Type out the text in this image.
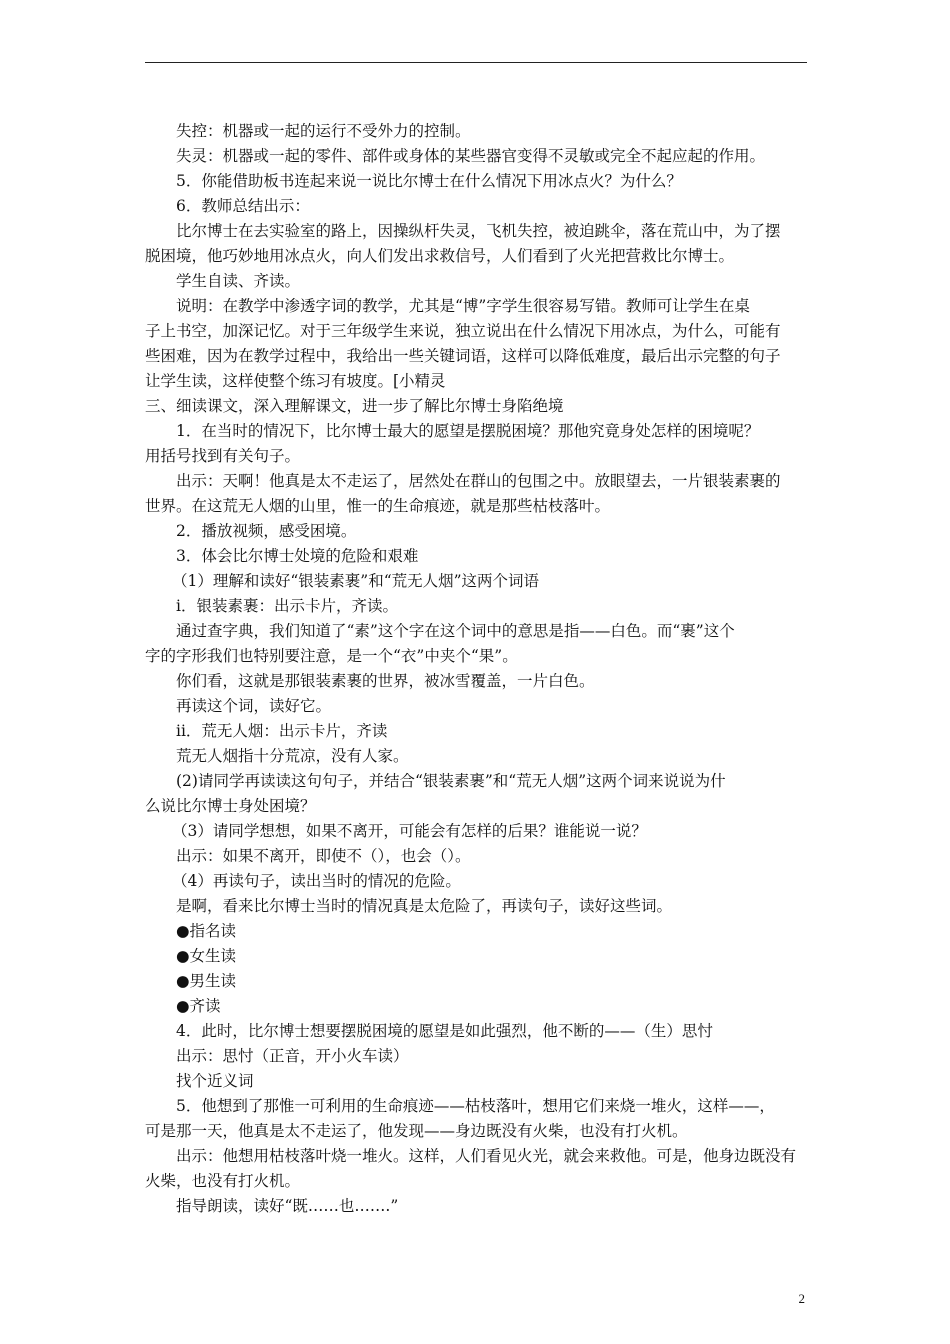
失控：机器或一起的运行不受外力的控制。
失灵：机器或一起的零件、部件或身体的某些器官变得不灵敏或完全不起应起的作用。
5．你能借助板书连起来说一说比尔博士在什么情况下用冰点火？为什么？
6．教师总结出示：
比尔博士在去实验室的路上，因操纵杆失灵，飞机失控，被迫跳伞，落在荒山中，为了摆
脱困境，他巧妙地用冰点火，向人们发出求救信号，人们看到了火光把营救比尔博士。
学生自读、齐读。
说明：在教学中渗透字词的教学，尤其是“博”字学生很容易写错。教师可让学生在桌
子上书空，加深记忆。对于三年级学生来说，独立说出在什么情况下用冰点，为什么，可能有
些困难，因为在教学过程中，我给出一些关键词语，这样可以降低难度，最后出示完整的句子
让学生读，这样使整个练习有坡度。[小精灵
三、细读课文，深入理解课文，进一步了解比尔博士身陷绝境
1．在当时的情况下，比尔博士最大的愿望是摆脱困境？那他究竟身处怎样的困境呢？
用括号找到有关句子。
出示：天啊！他真是太不走运了，居然处在群山的包围之中。放眼望去，一片银装素裹的
世界。在这荒无人烟的山里，惟一的生命痕迹，就是那些枯枝落叶。
2．播放视频，感受困境。
3．体会比尔博士处境的危险和艰难
（1）理解和读好“银装素裹”和“荒无人烟”这两个词语
i．银装素裹：出示卡片，齐读。
通过查字典，我们知道了“素”这个字在这个词中的意思是指——白色。而“裹”这个
字的字形我们也特别要注意，是一个“衣”中夹个“果”。
你们看，这就是那银装素裹的世界，被冰雪覆盖，一片白色。
再读这个词，读好它。
ii．荒无人烟：出示卡片，齐读
荒无人烟指十分荒凉，没有人家。
(2)请同学再读读这句句子，并结合“银装素裹”和“荒无人烟”这两个词来说说为什
么说比尔博士身处困境？
（3）请同学想想，如果不离开，可能会有怎样的后果？谁能说一说？
出示：如果不离开，即使不（），也会（）。
（4）再读句子，读出当时的情况的危险。
是啊，看来比尔博士当时的情况真是太危险了，再读句子，读好这些词。
●指名读
●女生读
●男生读
●齐读
4．此时，比尔博士想要摆脱困境的愿望是如此强烈，他不断的——（生）思忖
出示：思忖（正音，开小火车读）
找个近义词
5．他想到了那惟一可利用的生命痕迹——枯枝落叶，想用它们来烧一堆火，这样——，
可是那一天，他真是太不走运了，他发现——身边既没有火柴，也没有打火机。
出示：他想用枯枝落叶烧一堆火。这样，人们看见火光，就会来救他。可是，他身边既没有
火柴，也没有打火机。
指导朗读，读好“既……也…….”
2
